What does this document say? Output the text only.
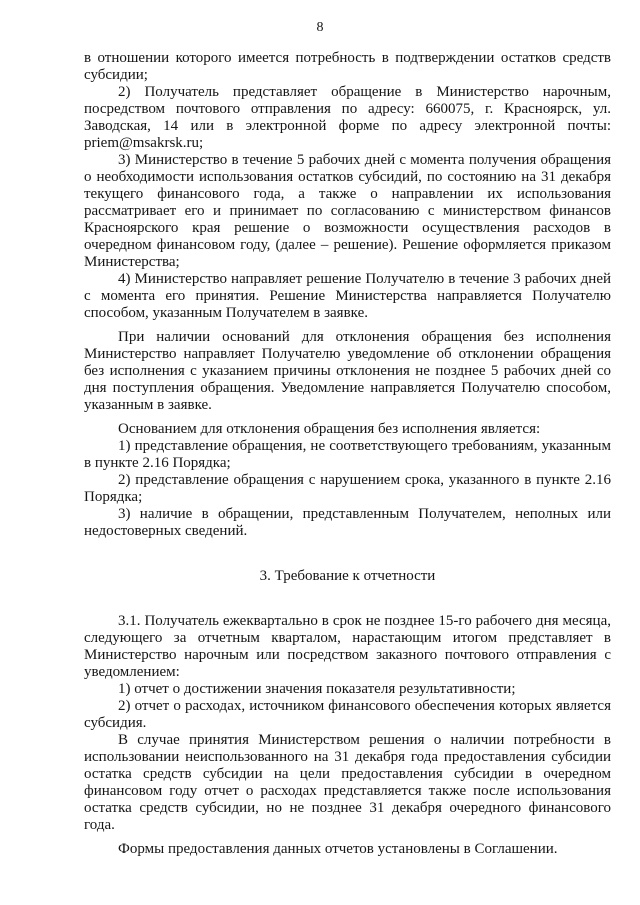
8

в отношении которого имеется потребность в подтверждении остатков средств субсидии;

2) Получатель представляет обращение в Министерство нарочным, посредством почтового отправления по адресу: 660075, г. Красноярск, ул. Заводская, 14 или в электронной форме по адресу электронной почты: priem@msakrsk.ru;

3) Министерство в течение 5 рабочих дней с момента получения обращения о необходимости использования остатков субсидий, по состоянию на 31 декабря текущего финансового года, а также о направлении их использования рассматривает его и принимает по согласованию с министерством финансов Красноярского края решение о возможности осуществления расходов в очередном финансовом году, (далее – решение). Решение оформляется приказом Министерства;

4) Министерство направляет решение Получателю в течение 3 рабочих дней с момента его принятия. Решение Министерства направляется Получателю способом, указанным Получателем в заявке.

При наличии оснований для отклонения обращения без исполнения Министерство направляет Получателю уведомление об отклонении обращения без исполнения с указанием причины отклонения не позднее 5 рабочих дней со дня поступления обращения. Уведомление направляется Получателю способом, указанным в заявке.

Основанием для отклонения обращения без исполнения является:

1) представление обращения, не соответствующего требованиям, указанным в пункте 2.16 Порядка;

2) представление обращения с нарушением срока, указанного в пункте 2.16 Порядка;

3) наличие в обращении, представленным Получателем, неполных или недостоверных сведений.

3. Требование к отчетности

3.1. Получатель ежеквартально в срок не позднее 15-го рабочего дня месяца, следующего за отчетным кварталом, нарастающим итогом представляет в Министерство нарочным или посредством заказного почтового отправления с уведомлением:

1) отчет о достижении значения показателя результативности;

2) отчет о расходах, источником финансового обеспечения которых является субсидия.

В случае принятия Министерством решения о наличии потребности в использовании неиспользованного на 31 декабря года предоставления субсидии остатка средств субсидии на цели предоставления субсидии в очередном финансовом году отчет о расходах представляется также после использования остатка средств субсидии, но не позднее 31 декабря очередного финансового года.

Формы предоставления данных отчетов установлены в Соглашении.
